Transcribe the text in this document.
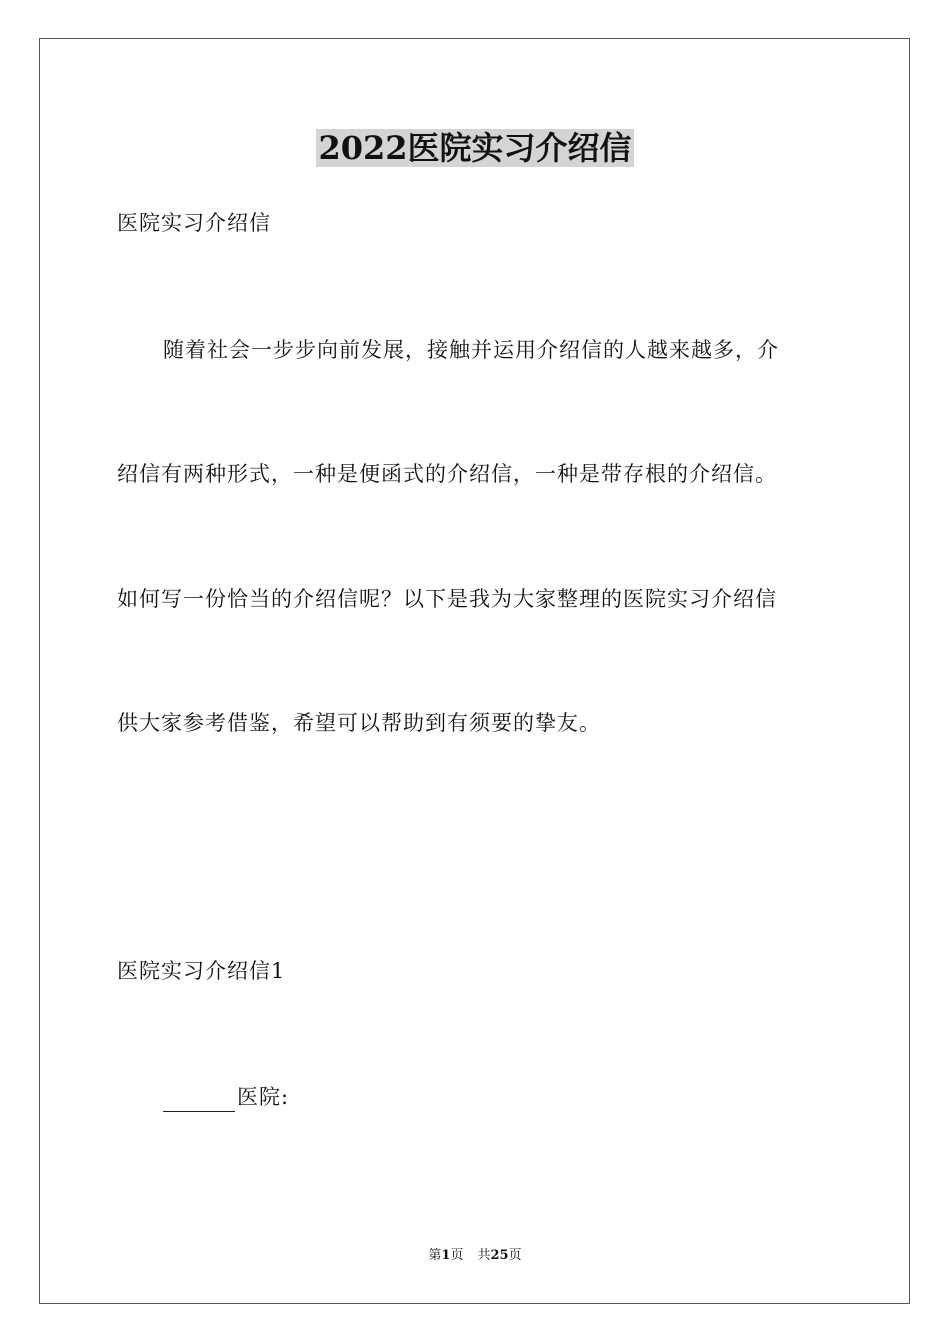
2022医院实习介绍信
医院实习介绍信
随着社会一步步向前发展，接触并运用介绍信的人越来越多，介
绍信有两种形式，一种是便函式的介绍信，一种是带存根的介绍信。
如何写一份恰当的介绍信呢？以下是我为大家整理的医院实习介绍信
供大家参考借鉴，希望可以帮助到有须要的挚友。
医院实习介绍信1
医院:
第1页 共25页
